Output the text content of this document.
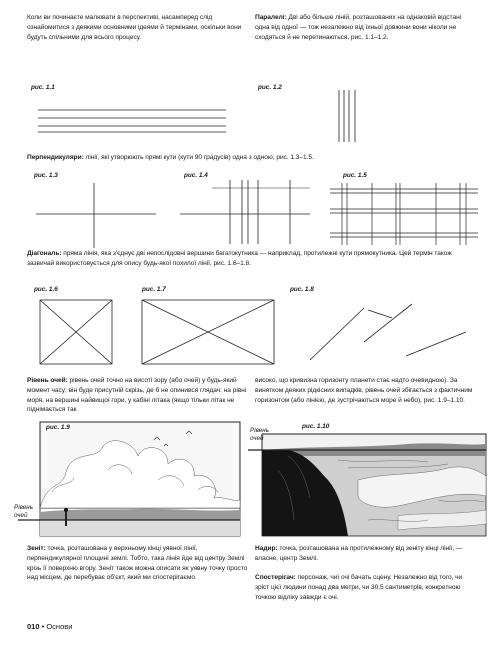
Коли ви починаєте малювати в перспективі, насамперед слід ознайомитися з деякими основними ідеями й термінами, оскільки вони будуть спільними для всього процесу.
Паралелі: Дві або більше ліній, розташованих на однаковій відстані одна від одної — тож незалежно від їхньої довжини вони ніколи не сходяться й не перетинаються, рис. 1.1–1.2.
рис. 1.1	рис. 1.2
Перпендикуляри: лінії, які утворюють прямі кути (кути 90 градусів) одна з одною, рис. 1.3–1.5.
рис. 1.3	рис. 1.4	рис. 1.5
Діагональ: пряма лінія, яка з'єднує дві непослідовні вершини багатокутника — наприклад, протилежні кути прямокутника. Цей термін також зазвичай використовується для опису будь-якої похилої лінії, рис. 1.6–1.8.
рис. 1.6	рис. 1.7	рис. 1.8
Рівень очей: рівень очей точно на висоті зору (або очей) у будь-який момент часу; він буде присутній скрізь, де б не опинився глядач: на рівні моря, на вершині найвищої гори, у кабіні літака (якщо тільки літак не піднімається так
високо, що кривизна горизонту планети стає надто очевидною). За винятком деяких рідкісних випадків, рівень очей збігається з фактичним горизонтом (або лінією, де зустрічаються море й небо), рис. 1.9–1.10.
рис. 1.9
Рівень очей
рис. 1.10
Рівень очей
Зеніт: точка, розташована у верхньому кінці уявної лінії, перпендикулярної площині землі. Тобто, така лінія йде від центру Землі крізь її поверхню вгору. Зеніт також можна описати як уявну точку просто над місцем, де перебуває об'єкт, який ми спостерігаємо.
Надир: точка, розташована на протилежному від зеніту кінці лінії, — власне, центр Землі.
Спостерігач: персонаж, чиї очі бачать сцену. Незалежно від того, чи зріст цієї людини понад два метри, чи 30,5 сантиметрів, конкретною точкою відліку завжди є очі.
010 • Основи
